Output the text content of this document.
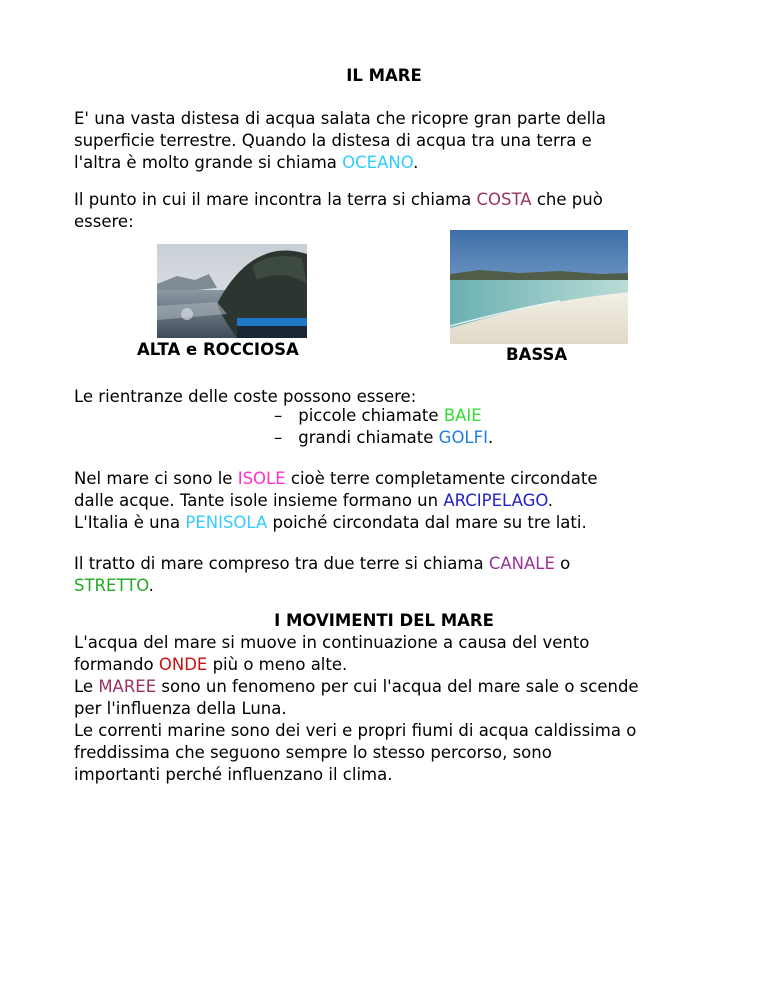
IL MARE
E' una vasta distesa di acqua salata che ricopre gran parte della
superficie terrestre. Quando la distesa di acqua tra una terra e
l'altra è molto grande si chiama OCEANO.
Il punto in cui il mare incontra la terra si chiama COSTA che può
essere:
ALTA e ROCCIOSA	BASSA
Le rientranze delle coste possono essere:
– piccole chiamate BAIE
– grandi chiamate GOLFI.
Nel mare ci sono le ISOLE cioè terre completamente circondate
dalle acque. Tante isole insieme formano un ARCIPELAGO.
L'Italia è una PENISOLA poiché circondata dal mare su tre lati.
Il tratto di mare compreso tra due terre si chiama CANALE o
STRETTO.
I MOVIMENTI DEL MARE
L'acqua del mare si muove in continuazione a causa del vento
formando ONDE più o meno alte.
Le MAREE sono un fenomeno per cui l'acqua del mare sale o scende
per l'influenza della Luna.
Le correnti marine sono dei veri e propri fiumi di acqua caldissima o
freddissima che seguono sempre lo stesso percorso, sono
importanti perché influenzano il clima.
